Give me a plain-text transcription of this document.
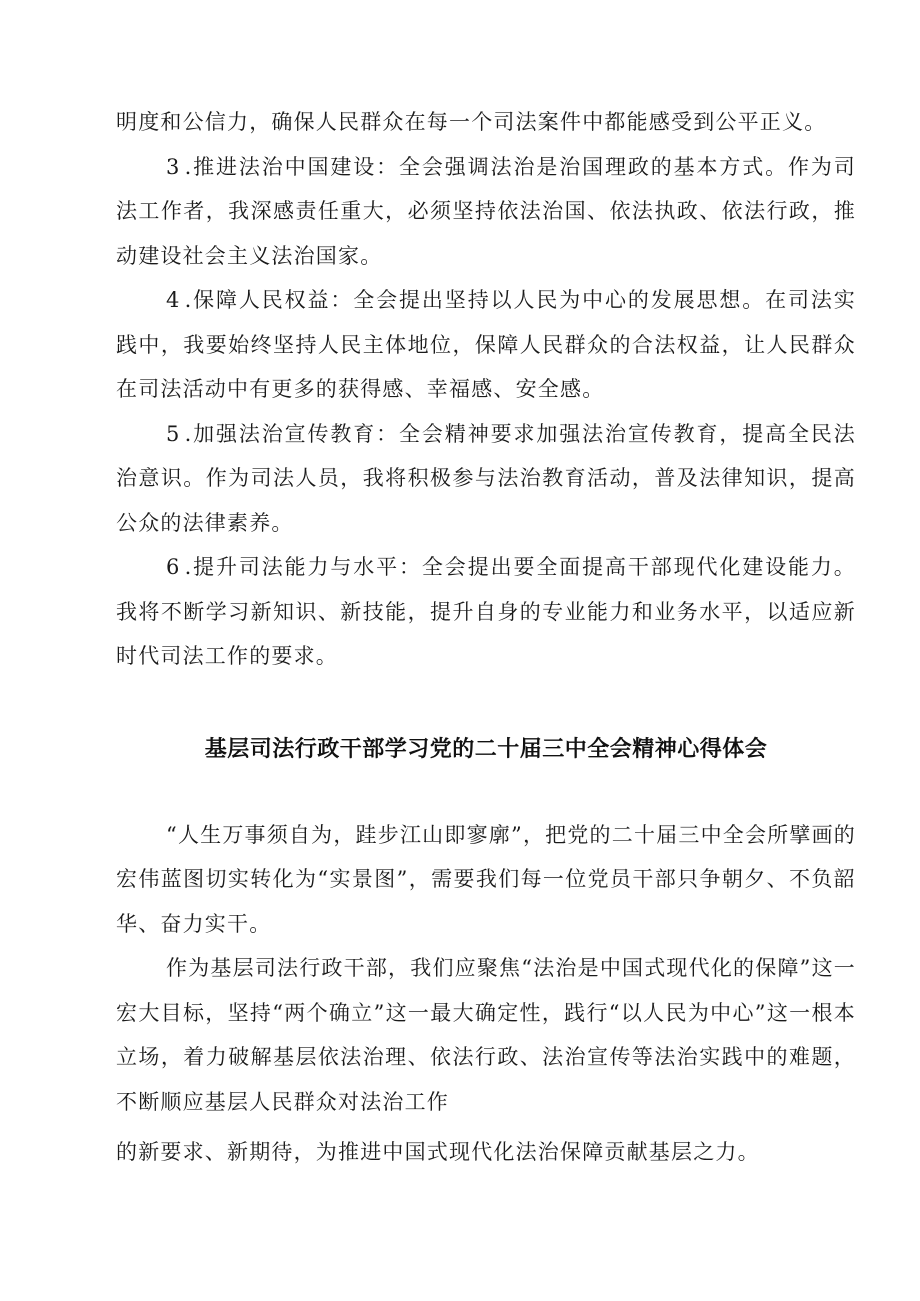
明度和公信力，确保人民群众在每一个司法案件中都能感受到公平正义。

3 .推进法治中国建设：全会强调法治是治国理政的基本方式。作为司法工作者，我深感责任重大，必须坚持依法治国、依法执政、依法行政，推动建设社会主义法治国家。

4 .保障人民权益：全会提出坚持以人民为中心的发展思想。在司法实践中，我要始终坚持人民主体地位，保障人民群众的合法权益，让人民群众在司法活动中有更多的获得感、幸福感、安全感。

5 .加强法治宣传教育：全会精神要求加强法治宣传教育，提高全民法治意识。作为司法人员，我将积极参与法治教育活动，普及法律知识，提高公众的法律素养。

6 .提升司法能力与水平：全会提出要全面提高干部现代化建设能力。我将不断学习新知识、新技能，提升自身的专业能力和业务水平，以适应新时代司法工作的要求。

基层司法行政干部学习党的二十届三中全会精神心得体会

“人生万事须自为，跬步江山即寥廓”，把党的二十届三中全会所擘画的宏伟蓝图切实转化为“实景图”，需要我们每一位党员干部只争朝夕、不负韶华、奋力实干。

作为基层司法行政干部，我们应聚焦“法治是中国式现代化的保障”这一宏大目标，坚持“两个确立”这一最大确定性，践行“以人民为中心”这一根本立场，着力破解基层依法治理、依法行政、法治宣传等法治实践中的难题，不断顺应基层人民群众对法治工作

的新要求、新期待，为推进中国式现代化法治保障贡献基层之力。
